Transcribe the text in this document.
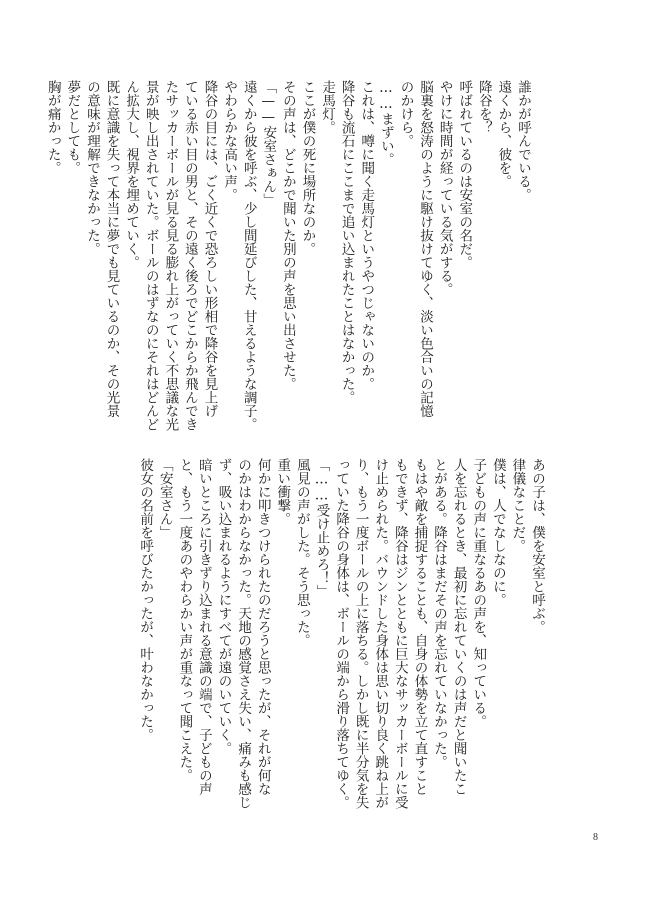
誰かが呼んでいる。
遠くから、彼を。
降谷を？
呼ばれているのは安室の名だ。
やけに時間が経っている気がする。
脳裏を怒涛のように駆け抜けてゆく、淡い色合いの記憶
のかけら。
……まずい。
これは、噂に聞く走馬灯というやつじゃないのか。
降谷も流石にここまで追い込まれたことはなかった。
走馬灯。
ここが僕の死に場所なのか。
その声は、どこかで聞いた別の声を思い出させた。
「——安室さぁん」
遠くから彼を呼ぶ、少し間延びした、甘えるような調子。
やわらかな高い声。
降谷の目には、ごく近くで恐ろしい形相で降谷を見上げ
ている赤い目の男と、その遠く後ろでどこからか飛んでき
たサッカーボールが見る見る膨れ上がっていく不思議な光
景が映し出されていた。ボールのはずなのにそれはどんど
ん拡大し、視界を埋めていく。
既に意識を失って本当に夢でも見ているのか、その光景
の意味が理解できなかった。
夢だとしても。
胸が痛かった。
あの子は、僕を安室と呼ぶ。
律儀なことだ。
僕は、人でなしなのに。
子どもの声に重なるあの声を、知っている。
人を忘れるとき、最初に忘れていくのは声だと聞いたこ
とがある。降谷はまだその声を忘れていなかった。
もはや敵を捕捉することも、自身の体勢を立て直すこと
もできず、降谷はジンとともに巨大なサッカーボールに受
け止められた。バウンドした身体は思い切り良く跳ね上が
り、もう一度ボールの上に落ちる。しかし既に半分気を失
っていた降谷の身体は、ボールの端から滑り落ちてゆく。
「……受け止めろ！」
風見の声がした。そう思った。
重い衝撃。
何かに叩きつけられたのだろうと思ったが、それが何な
のかはわからなかった。天地の感覚さえ失い、痛みも感じ
ず、吸い込まれるようにすべてが遠のいていく。
暗いところに引きずり込まれる意識の端で、子どもの声
と、もう一度あのやわらかい声が重なって聞こえた。
「安室さん」
彼女の名前を呼びたかったが、叶わなかった。
8
